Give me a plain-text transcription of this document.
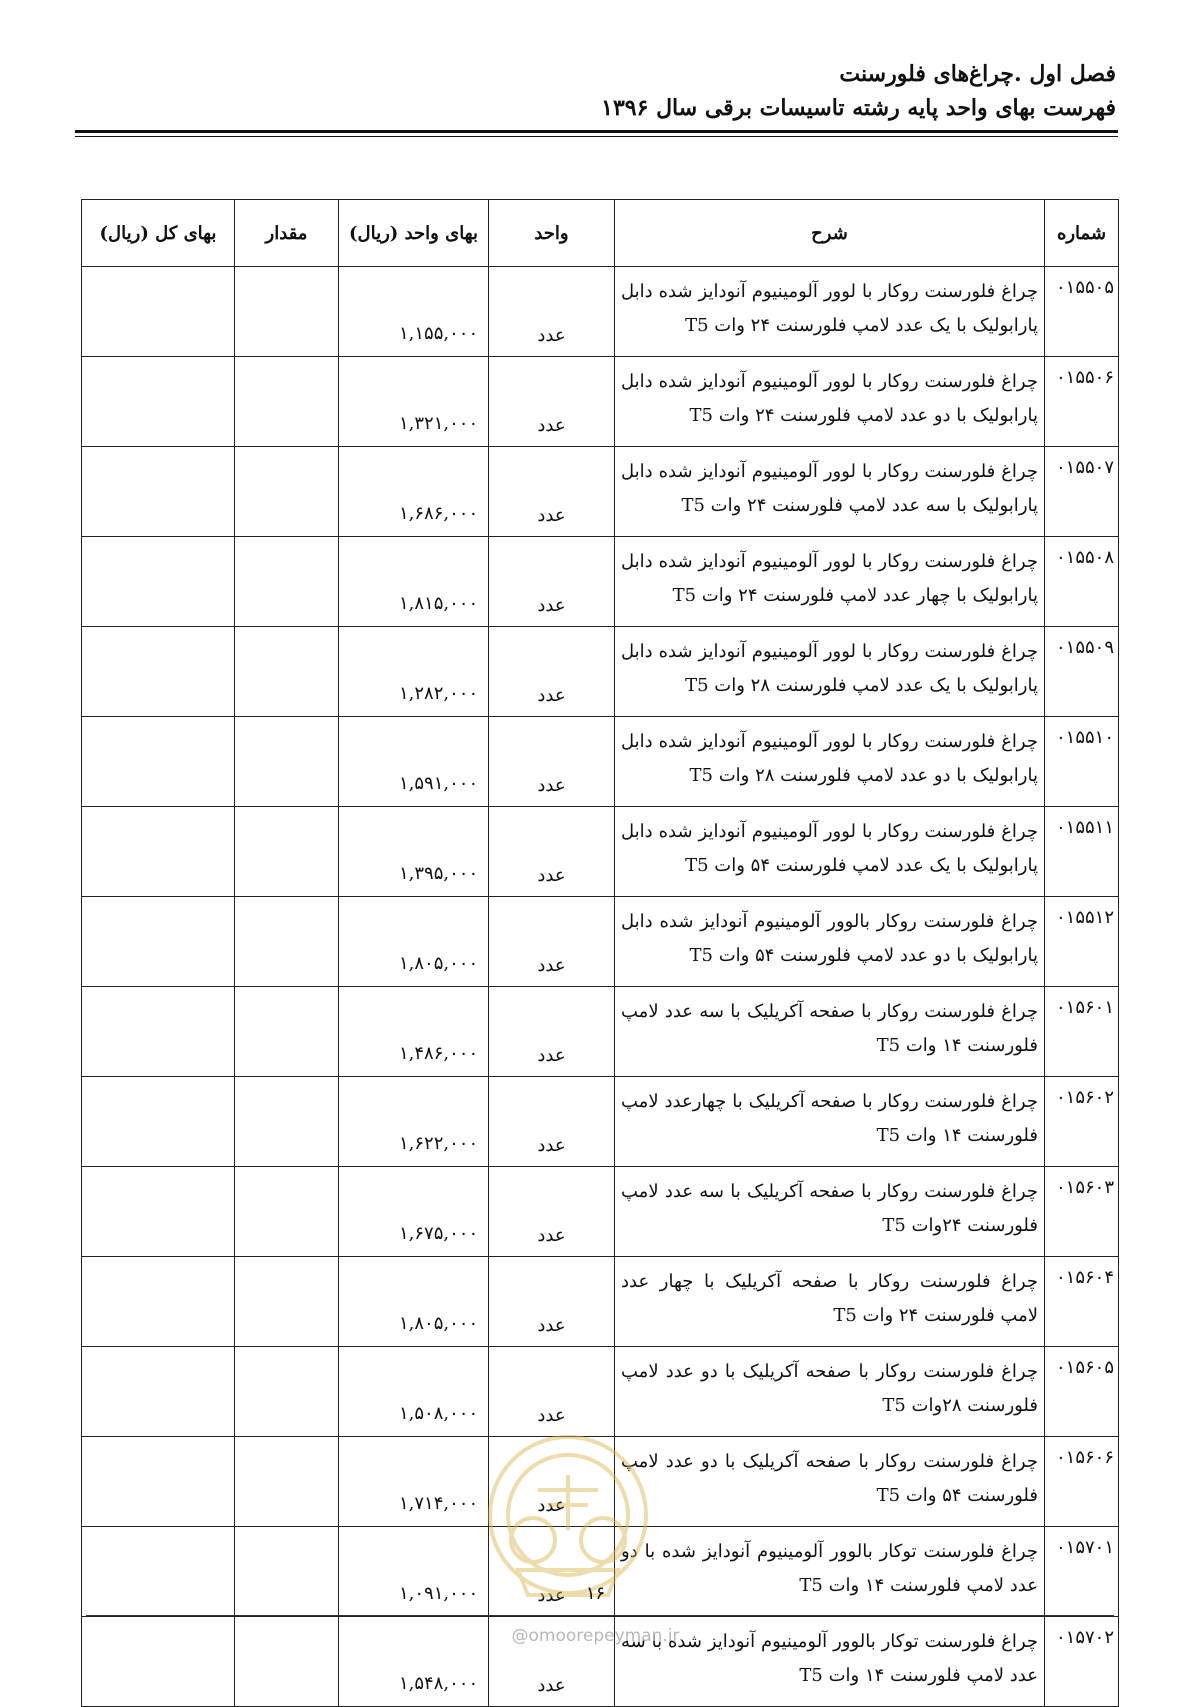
فصل اول .چراغ‌های فلورسنت
فهرست بهای واحد پایه رشته تاسیسات برقی سال ۱۳۹۶
شماره	شرح	واحد	بهای واحد (ریال)	مقدار	بهای کل (ریال)
۰۱۵۵۰۵	چراغ فلورسنت روکار با لوور آلومینیوم آنودایز شده دابل پارابولیک با یک عدد لامپ فلورسنت ۲۴ وات T5	عدد	۱,۱۵۵,۰۰۰		
۰۱۵۵۰۶	چراغ فلورسنت روکار با لوور آلومینیوم آنودایز شده دابل پارابولیک با دو عدد لامپ فلورسنت ۲۴ وات T5	عدد	۱,۳۲۱,۰۰۰		
۰۱۵۵۰۷	چراغ فلورسنت روکار با لوور آلومینیوم آنودایز شده دابل پارابولیک با سه عدد لامپ فلورسنت ۲۴ وات T5	عدد	۱,۶۸۶,۰۰۰		
۰۱۵۵۰۸	چراغ فلورسنت روکار با لوور آلومینیوم آنودایز شده دابل پارابولیک با چهار عدد لامپ فلورسنت ۲۴ وات T5	عدد	۱,۸۱۵,۰۰۰		
۰۱۵۵۰۹	چراغ فلورسنت روکار با لوور آلومینیوم آنودایز شده دابل پارابولیک با یک عدد لامپ فلورسنت ۲۸ وات T5	عدد	۱,۲۸۲,۰۰۰		
۰۱۵۵۱۰	چراغ فلورسنت روکار با لوور آلومینیوم آنودایز شده دابل پارابولیک با دو عدد لامپ فلورسنت ۲۸ وات T5	عدد	۱,۵۹۱,۰۰۰		
۰۱۵۵۱۱	چراغ فلورسنت روکار با لوور آلومینیوم آنودایز شده دابل پارابولیک با یک عدد لامپ فلورسنت ۵۴ وات T5	عدد	۱,۳۹۵,۰۰۰		
۰۱۵۵۱۲	چراغ فلورسنت روکار بالوور آلومینیوم آنودایز شده دابل پارابولیک با دو عدد لامپ فلورسنت ۵۴ وات T5	عدد	۱,۸۰۵,۰۰۰		
۰۱۵۶۰۱	چراغ فلورسنت روکار با صفحه آکریلیک با سه عدد لامپ فلورسنت ۱۴ وات T5	عدد	۱,۴۸۶,۰۰۰		
۰۱۵۶۰۲	چراغ فلورسنت روکار با صفحه آکریلیک با چهارعدد لامپ فلورسنت ۱۴ وات T5	عدد	۱,۶۲۲,۰۰۰		
۰۱۵۶۰۳	چراغ فلورسنت روکار با صفحه آکریلیک با سه عدد لامپ فلورسنت ۲۴وات T5	عدد	۱,۶۷۵,۰۰۰		
۰۱۵۶۰۴	چراغ فلورسنت روکار با صفحه آکریلیک با چهار عدد لامپ فلورسنت ۲۴ وات T5	عدد	۱,۸۰۵,۰۰۰		
۰۱۵۶۰۵	چراغ فلورسنت روکار با صفحه آکریلیک با دو عدد لامپ فلورسنت ۲۸وات T5	عدد	۱,۵۰۸,۰۰۰		
۰۱۵۶۰۶	چراغ فلورسنت روکار با صفحه آکریلیک با دو عدد لامپ فلورسنت ۵۴ وات T5	عدد	۱,۷۱۴,۰۰۰		
۰۱۵۷۰۱	چراغ فلورسنت توکار بالوور آلومینیوم آنودایز شده با دو عدد لامپ فلورسنت ۱۴ وات T5	عدد	۱,۰۹۱,۰۰۰		
۰۱۵۷۰۲	چراغ فلورسنت توکار بالوور آلومینیوم آنودایز شده با سه عدد لامپ فلورسنت ۱۴ وات T5	عدد	۱,۵۴۸,۰۰۰		
۱۶
@omoorepeyman.ir
